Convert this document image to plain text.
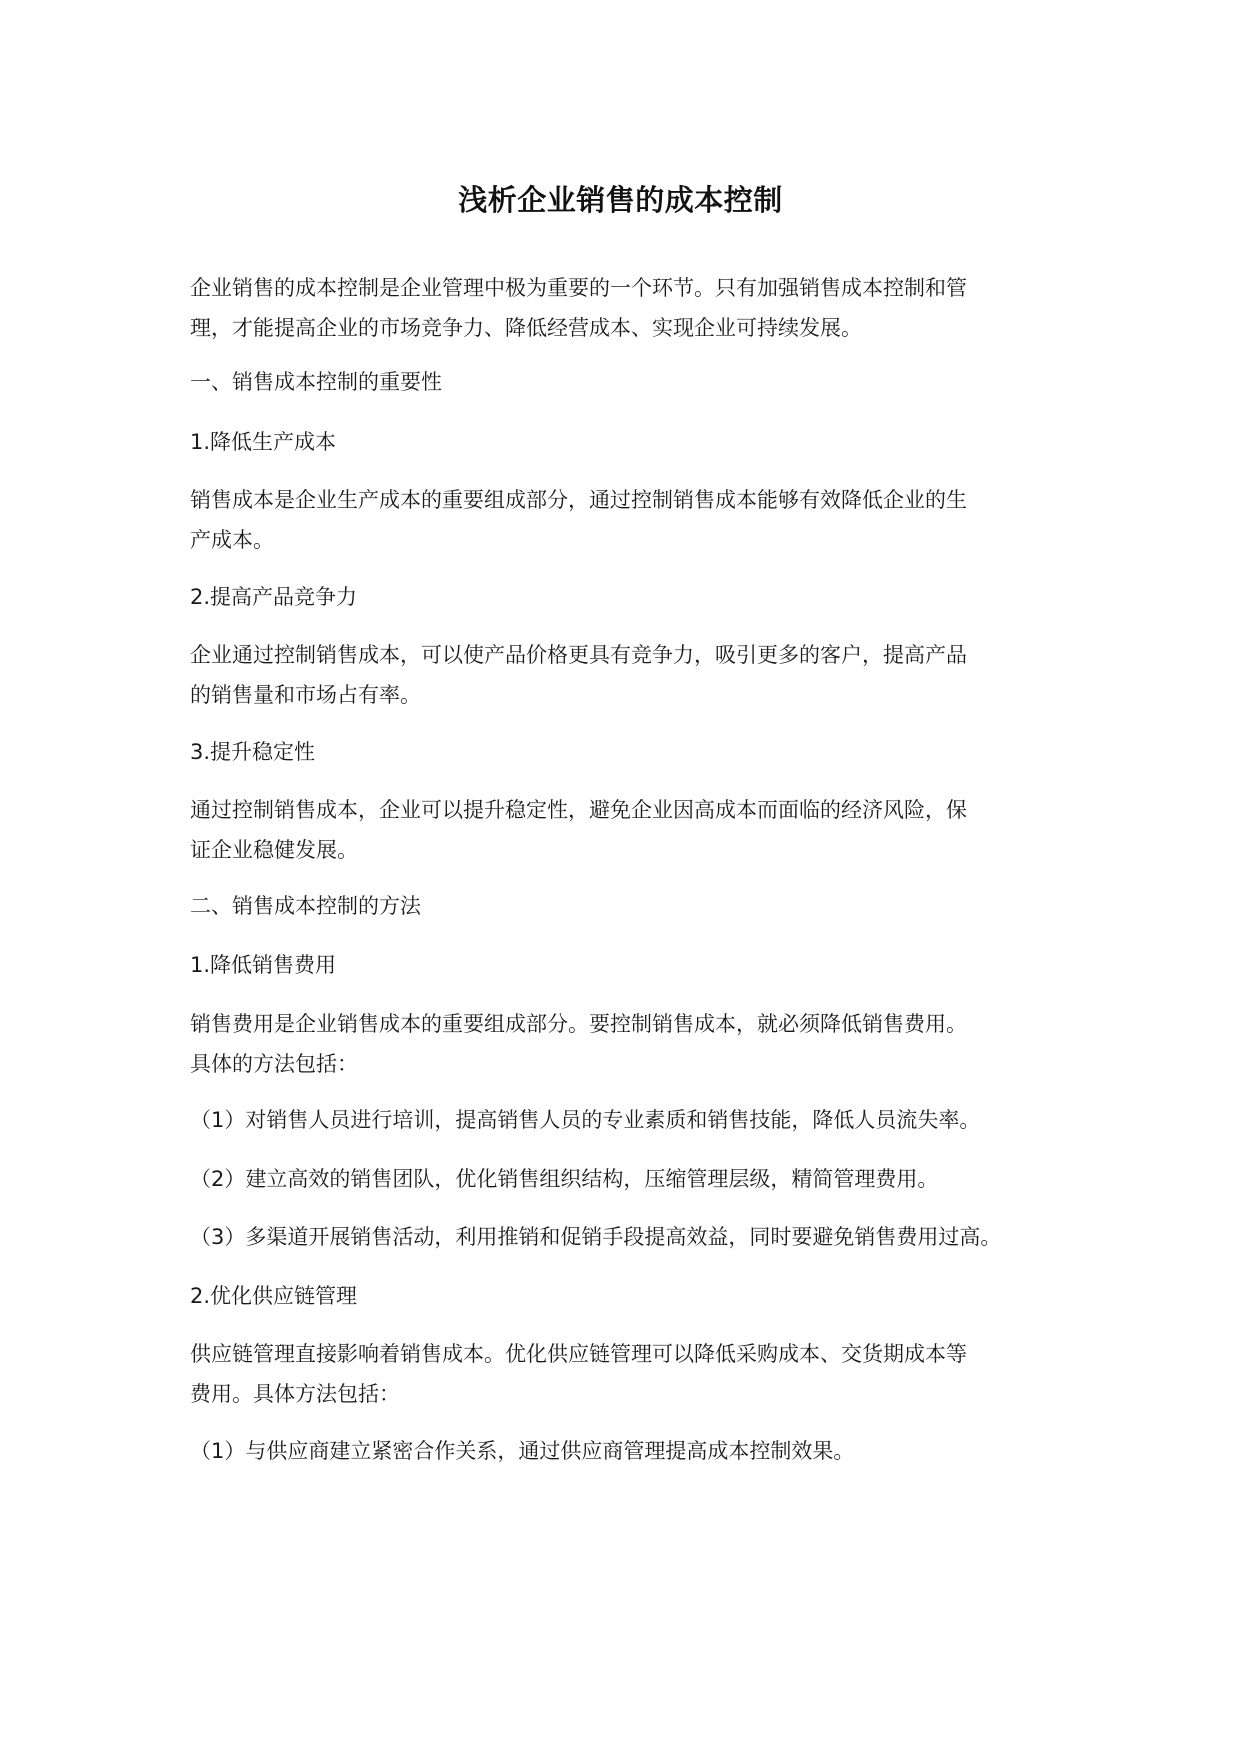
浅析企业销售的成本控制

企业销售的成本控制是企业管理中极为重要的一个环节。只有加强销售成本控制和管
理，才能提高企业的市场竞争力、降低经营成本、实现企业可持续发展。

一、销售成本控制的重要性

1.降低生产成本

销售成本是企业生产成本的重要组成部分，通过控制销售成本能够有效降低企业的生
产成本。

2.提高产品竞争力

企业通过控制销售成本，可以使产品价格更具有竞争力，吸引更多的客户，提高产品
的销售量和市场占有率。

3.提升稳定性

通过控制销售成本，企业可以提升稳定性，避免企业因高成本而面临的经济风险，保
证企业稳健发展。

二、销售成本控制的方法

1.降低销售费用

销售费用是企业销售成本的重要组成部分。要控制销售成本，就必须降低销售费用。
具体的方法包括：

（1）对销售人员进行培训，提高销售人员的专业素质和销售技能，降低人员流失率。

（2）建立高效的销售团队，优化销售组织结构，压缩管理层级，精简管理费用。

（3）多渠道开展销售活动，利用推销和促销手段提高效益，同时要避免销售费用过高。

2.优化供应链管理

供应链管理直接影响着销售成本。优化供应链管理可以降低采购成本、交货期成本等
费用。具体方法包括：

（1）与供应商建立紧密合作关系，通过供应商管理提高成本控制效果。
